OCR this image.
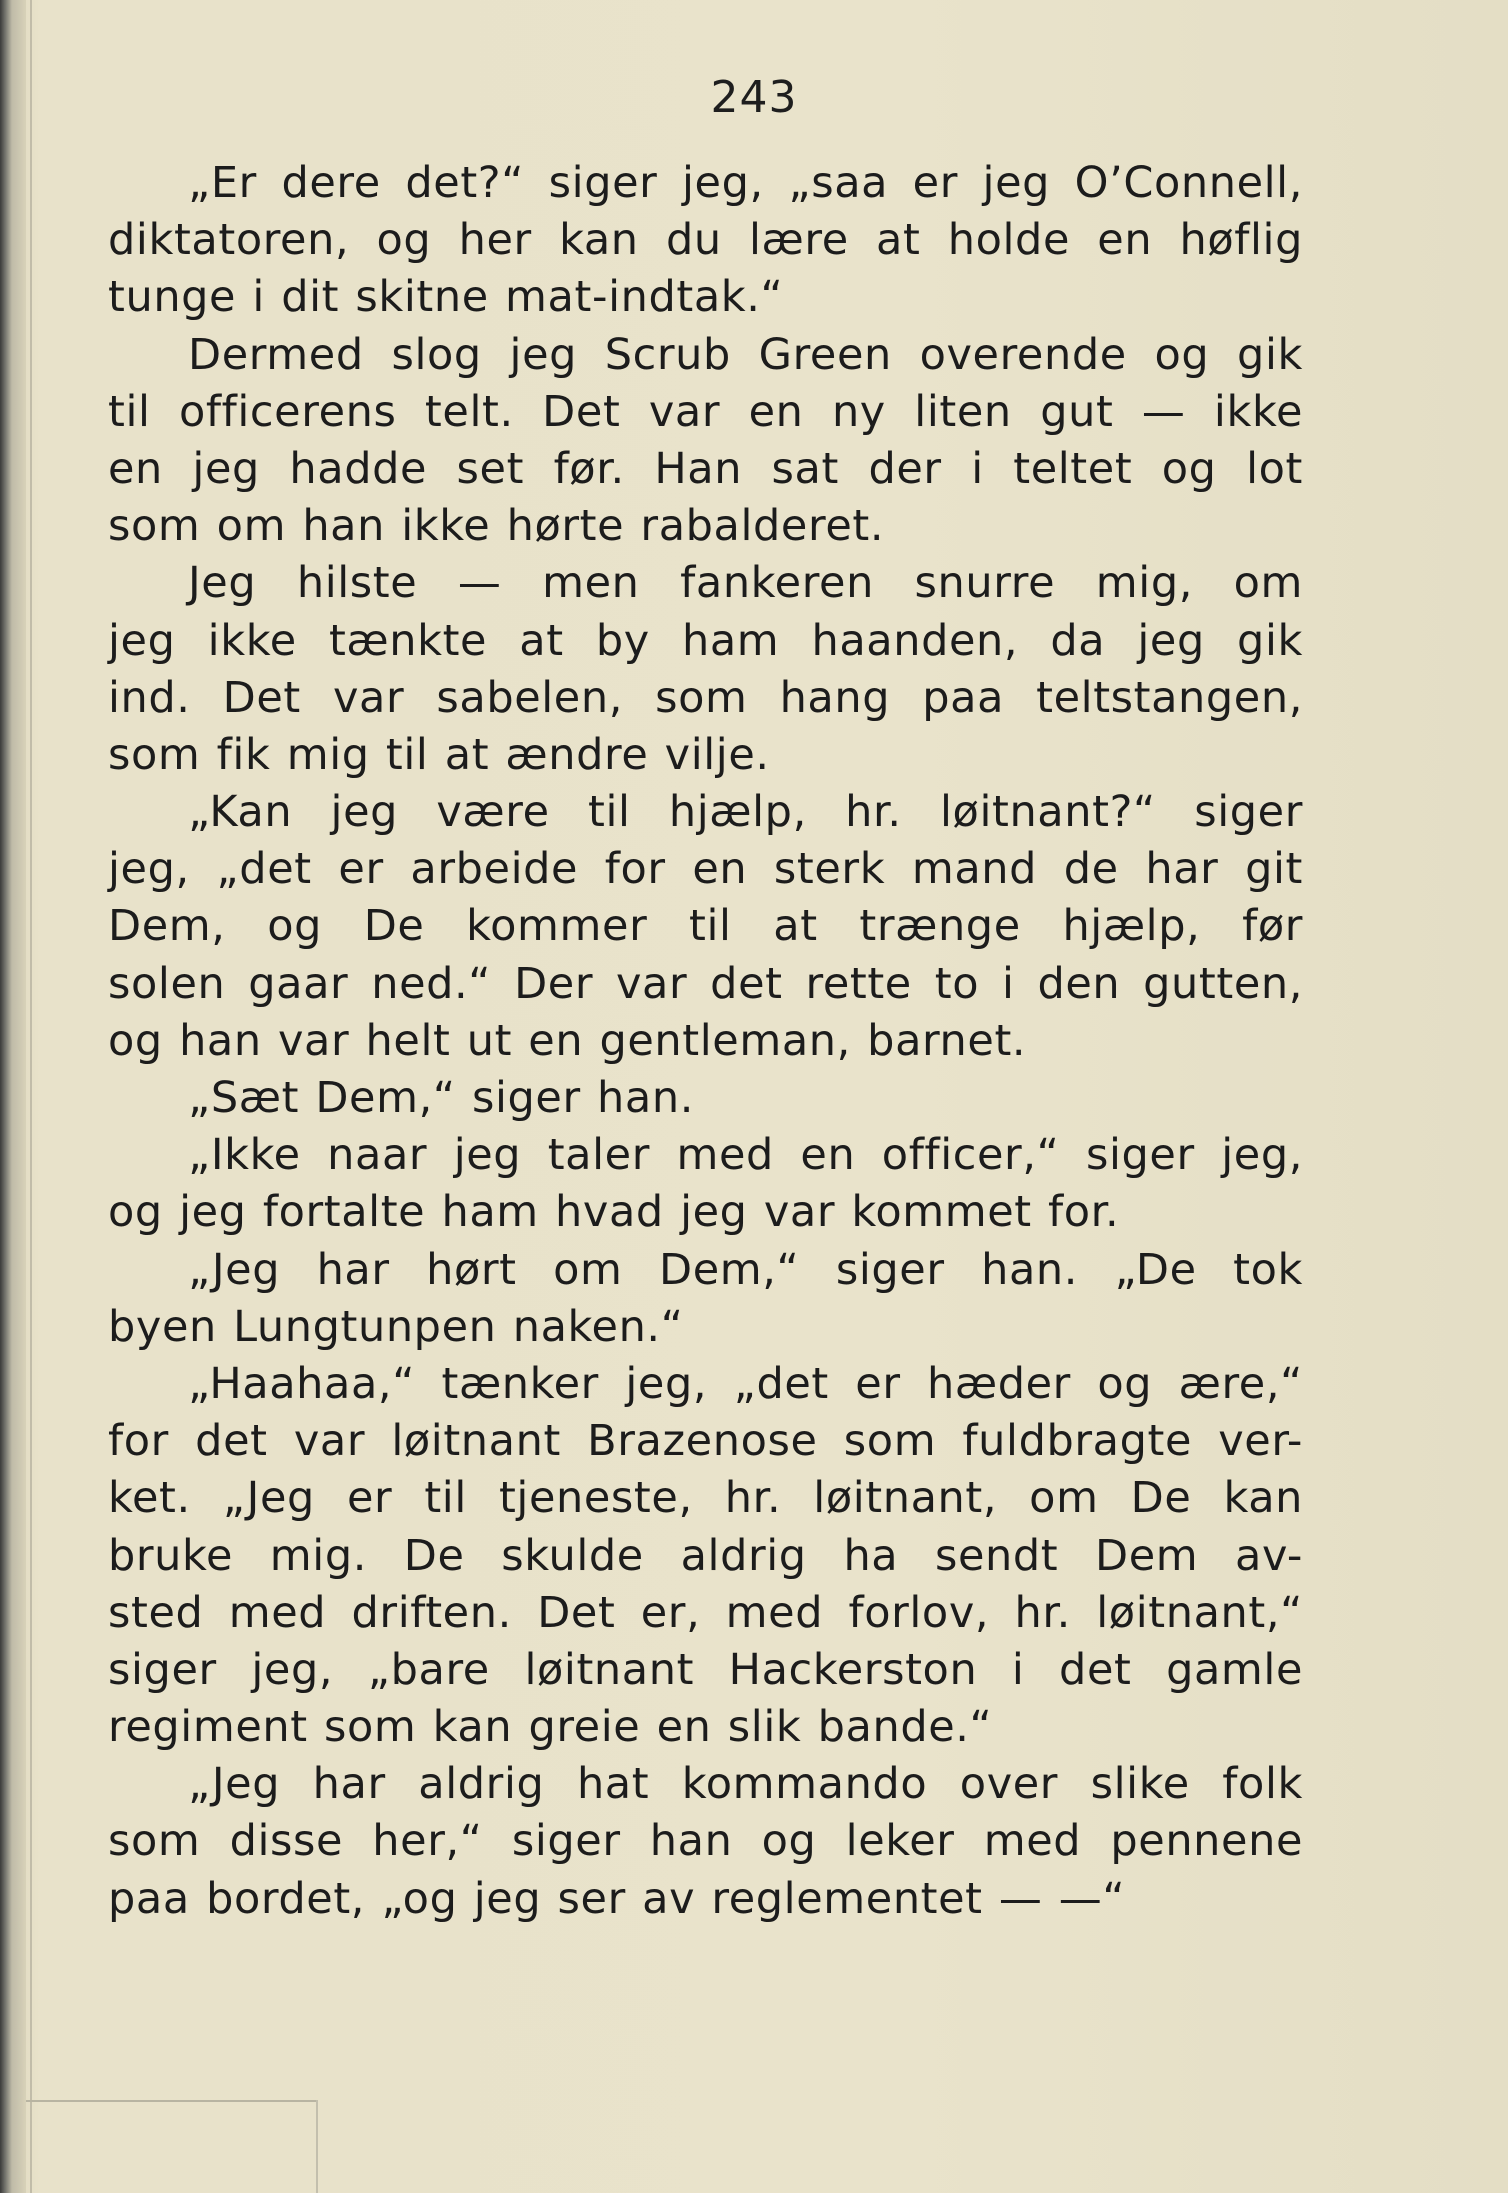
243
„Er dere det?“ siger jeg, „saa er jeg O’Connell,
diktatoren, og her kan du lære at holde en høflig
tunge i dit skitne mat-indtak.“
Dermed slog jeg Scrub Green overende og gik
til officerens telt. Det var en ny liten gut — ikke
en jeg hadde set før. Han sat der i teltet og lot
som om han ikke hørte rabalderet.
Jeg hilste — men fankeren snurre mig, om
jeg ikke tænkte at by ham haanden, da jeg gik
ind. Det var sabelen, som hang paa teltstangen,
som fik mig til at ændre vilje.
„Kan jeg være til hjælp, hr. løitnant?“ siger
jeg, „det er arbeide for en sterk mand de har git
Dem, og De kommer til at trænge hjælp, før
solen gaar ned.“ Der var det rette to i den gutten,
og han var helt ut en gentleman, barnet.
„Sæt Dem,“ siger han.
„Ikke naar jeg taler med en officer,“ siger jeg,
og jeg fortalte ham hvad jeg var kommet for.
„Jeg har hørt om Dem,“ siger han. „De tok
byen Lungtunpen naken.“
„Haahaa,“ tænker jeg, „det er hæder og ære,“
for det var løitnant Brazenose som fuldbragte ver-
ket. „Jeg er til tjeneste, hr. løitnant, om De kan
bruke mig. De skulde aldrig ha sendt Dem av-
sted med driften. Det er, med forlov, hr. løitnant,“
siger jeg, „bare løitnant Hackerston i det gamle
regiment som kan greie en slik bande.“
„Jeg har aldrig hat kommando over slike folk
som disse her,“ siger han og leker med pennene
paa bordet, „og jeg ser av reglementet — —“
